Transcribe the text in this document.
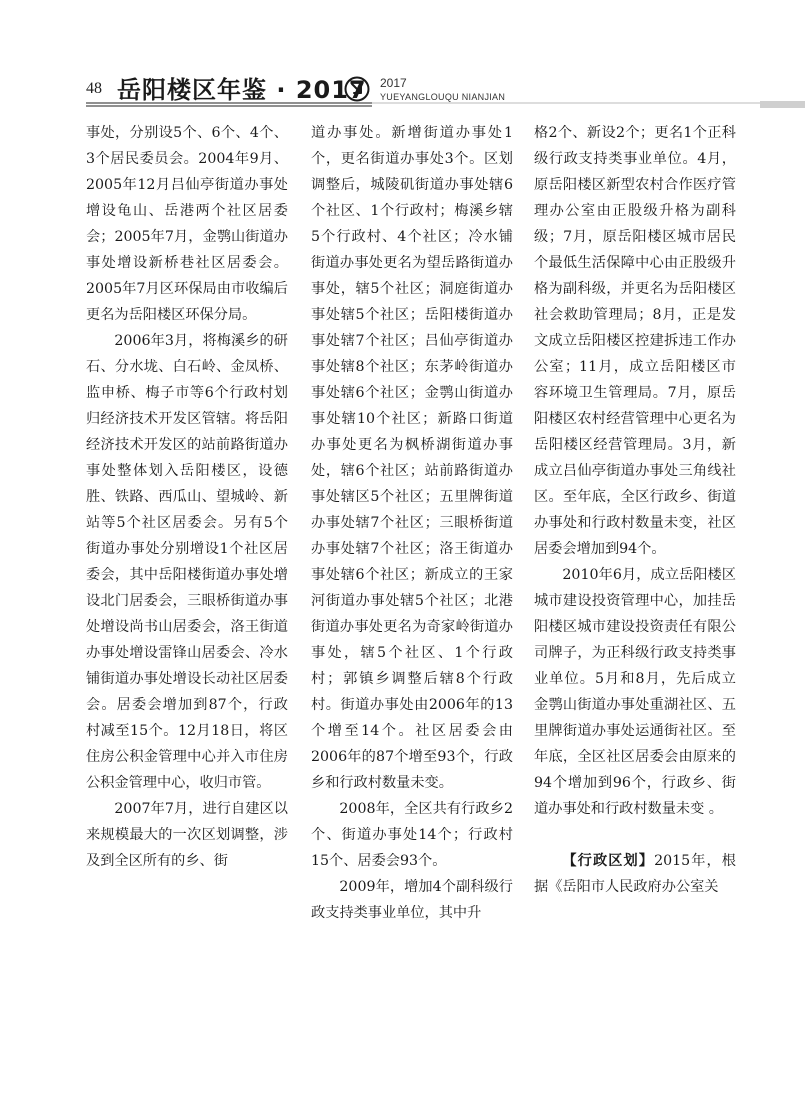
48 岳阳楼区年鉴 · 2017 2017
YUEYANGLOUQU NIANJIAN

事处，分别设5个、6个、4个、3个居民委员会。2004年9月、2005年12月吕仙亭街道办事处增设龟山、岳港两个社区居委会；2005年7月，金鹗山街道办事处增设新桥巷社区居委会。2005年7月区环保局由市收编后更名为岳阳楼区环保分局。

2006年3月，将梅溪乡的研石、分水垅、白石岭、金凤桥、监申桥、梅子市等6个行政村划归经济技术开发区管辖。将岳阳经济技术开发区的站前路街道办事处整体划入岳阳楼区，设德胜、铁路、西瓜山、望城岭、新站等5个社区居委会。另有5个街道办事处分别增设1个社区居委会，其中岳阳楼街道办事处增设北门居委会，三眼桥街道办事处增设尚书山居委会，洛王街道办事处增设雷锋山居委会、冷水铺街道办事处增设长动社区居委会。居委会增加到87个，行政村减至15个。12月18日，将区住房公积金管理中心并入市住房公积金管理中心，收归市管。

2007年7月，进行自建区以来规模最大的一次区划调整，涉及到全区所有的乡、街

道办事处。新增街道办事处1个，更名街道办事处3个。区划调整后，城陵矶街道办事处辖6个社区、1个行政村；梅溪乡辖5个行政村、4个社区；冷水铺街道办事处更名为望岳路街道办事处，辖5个社区；洞庭街道办事处辖5个社区；岳阳楼街道办事处辖7个社区；吕仙亭街道办事处辖8个社区；东茅岭街道办事处辖6个社区；金鹗山街道办事处辖10个社区；新路口街道办事处更名为枫桥湖街道办事处，辖6个社区；站前路街道办事处辖区5个社区；五里牌街道办事处辖7个社区；三眼桥街道办事处辖7个社区；洛王街道办事处辖6个社区；新成立的王家河街道办事处辖5个社区；北港街道办事处更名为奇家岭街道办事处，辖5个社区、1个行政村；郭镇乡调整后辖8个行政村。街道办事处由2006年的13个增至14个。社区居委会由2006年的87个增至93个，行政乡和行政村数量未变。

2008年，全区共有行政乡2个、街道办事处14个；行政村15个、居委会93个。

2009年，增加4个副科级行政支持类事业单位，其中升

格2个、新设2个；更名1个正科级行政支持类事业单位。4月，原岳阳楼区新型农村合作医疗管理办公室由正股级升格为副科级；7月，原岳阳楼区城市居民个最低生活保障中心由正股级升格为副科级，并更名为岳阳楼区社会救助管理局；8月，正是发文成立岳阳楼区控建拆违工作办公室；11月，成立岳阳楼区市容环境卫生管理局。7月，原岳阳楼区农村经营管理中心更名为岳阳楼区经营管理局。3月，新成立吕仙亭街道办事处三角线社区。至年底，全区行政乡、街道办事处和行政村数量未变，社区居委会增加到94个。

2010年6月，成立岳阳楼区城市建设投资管理中心，加挂岳阳楼区城市建设投资责任有限公司牌子，为正科级行政支持类事业单位。5月和8月，先后成立金鹗山街道办事处重湖社区、五里牌街道办事处运通街社区。至年底，全区社区居委会由原来的94个增加到96个，行政乡、街道办事处和行政村数量未变 。

【行政区划】2015年，根据《岳阳市人民政府办公室关
